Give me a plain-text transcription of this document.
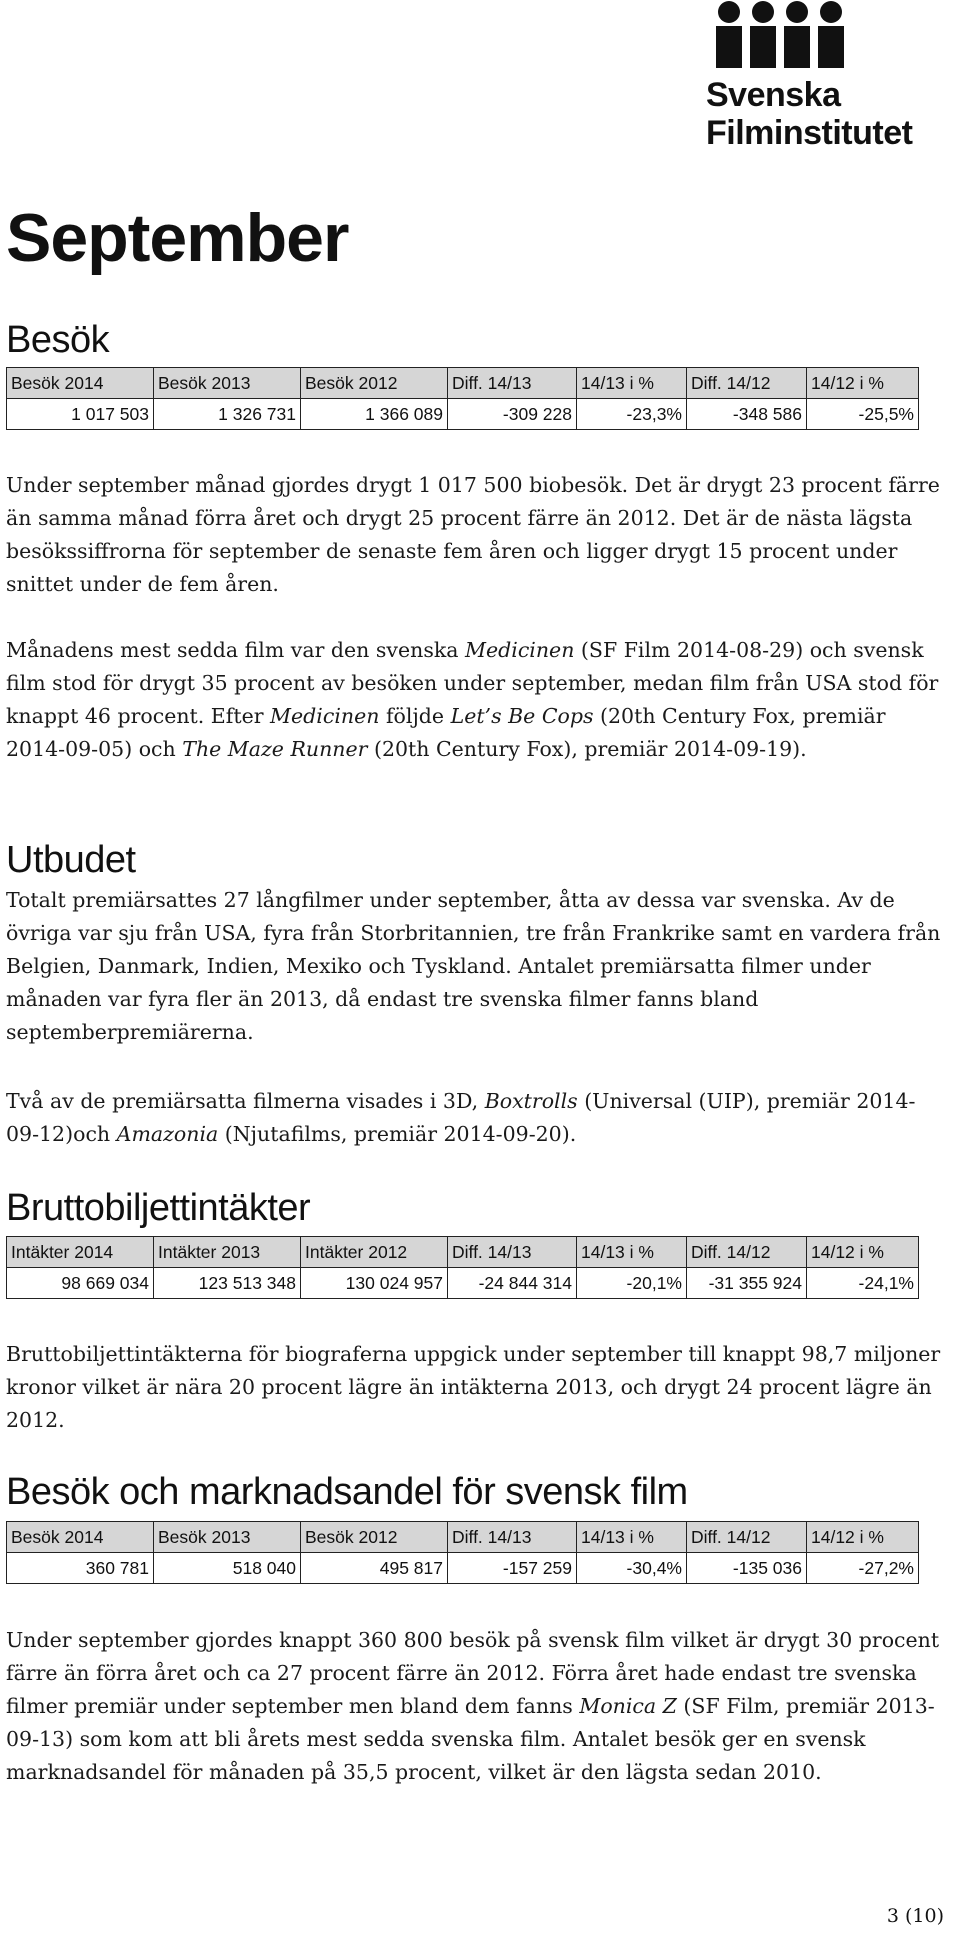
Svenska
Filminstitutet
September
Besök
Besök 2014	Besök 2013	Besök 2012	Diff. 14/13	14/13 i %	Diff. 14/12	14/12 i %
1 017 503	1 326 731	1 366 089	-309 228	-23,3%	-348 586	-25,5%

Under september månad gjordes drygt 1 017 500 biobesök. Det är drygt 23 procent färre än samma månad förra året och drygt 25 procent färre än 2012. Det är de nästa lägsta besökssiffrorna för september de senaste fem åren och ligger drygt 15 procent under snittet under de fem åren.

Månadens mest sedda film var den svenska Medicinen (SF Film 2014-08-29) och svensk film stod för drygt 35 procent av besöken under september, medan film från USA stod för knappt 46 procent. Efter Medicinen följde Let’s Be Cops (20th Century Fox, premiär 2014-09-05) och The Maze Runner (20th Century Fox), premiär 2014-09-19).

Utbudet

Totalt premiärsattes 27 långfilmer under september, åtta av dessa var svenska. Av de övriga var sju från USA, fyra från Storbritannien, tre från Frankrike samt en vardera från Belgien, Danmark, Indien, Mexiko och Tyskland. Antalet premiärsatta filmer under månaden var fyra fler än 2013, då endast tre svenska filmer fanns bland septemberpremiärerna.

Två av de premiärsatta filmerna visades i 3D, Boxtrolls (Universal (UIP), premiär 2014-09-12)och Amazonia (Njutafilms, premiär 2014-09-20).

Bruttobiljettintäkter
Intäkter 2014	Intäkter 2013	Intäkter 2012	Diff. 14/13	14/13 i %	Diff. 14/12	14/12 i %
98 669 034	123 513 348	130 024 957	-24 844 314	-20,1%	-31 355 924	-24,1%

Bruttobiljettintäkterna för biograferna uppgick under september till knappt 98,7 miljoner kronor vilket är nära 20 procent lägre än intäkterna 2013, och drygt 24 procent lägre än 2012.

Besök och marknadsandel för svensk film
Besök 2014	Besök 2013	Besök 2012	Diff. 14/13	14/13 i %	Diff. 14/12	14/12 i %
360 781	518 040	495 817	-157 259	-30,4%	-135 036	-27,2%

Under september gjordes knappt 360 800 besök på svensk film vilket är drygt 30 procent färre än förra året och ca 27 procent färre än 2012. Förra året hade endast tre svenska filmer premiär under september men bland dem fanns Monica Z (SF Film, premiär 2013-09-13) som kom att bli årets mest sedda svenska film. Antalet besök ger en svensk marknadsandel för månaden på 35,5 procent, vilket är den lägsta sedan 2010.

3 (10)
